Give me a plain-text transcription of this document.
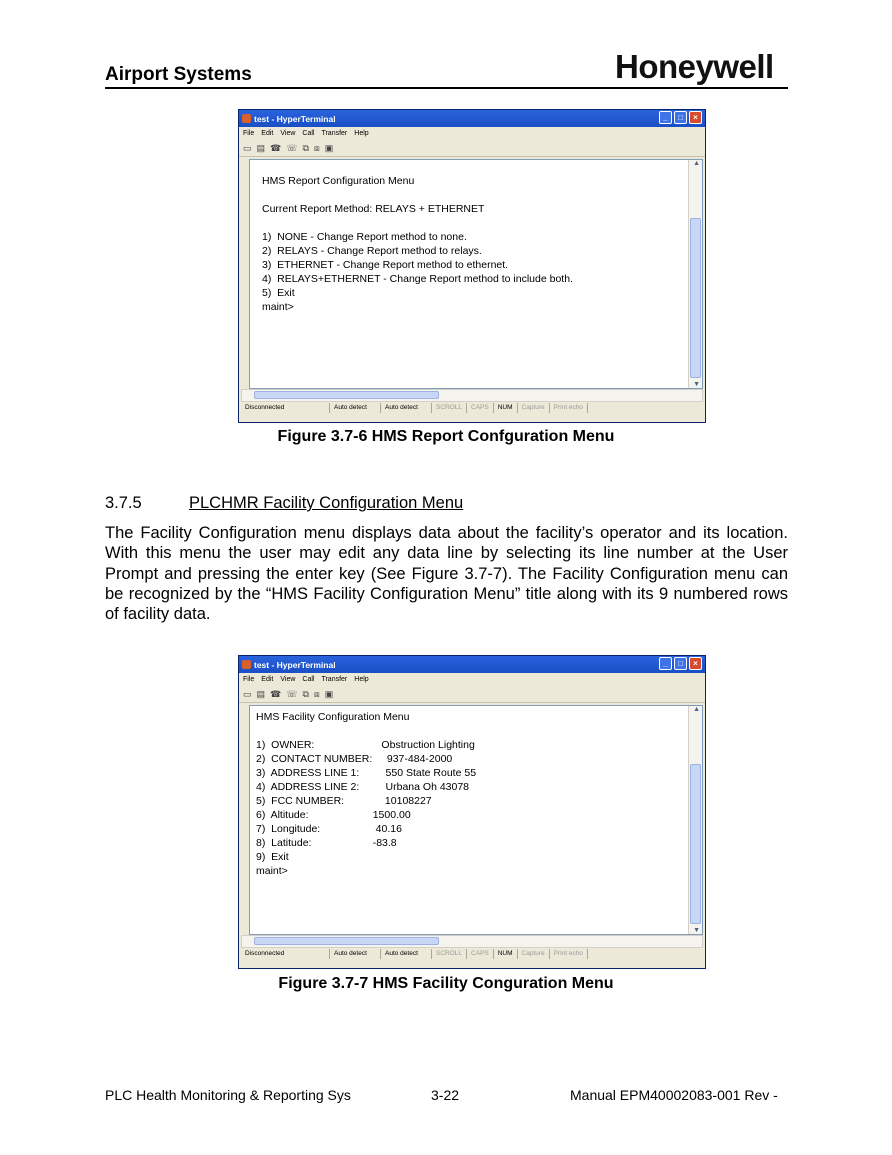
Airport Systems	Honeywell
test - HyperTerminal	_	□	×
File Edit View Call Transfer Help
▭ ▤ ☎ ☏ ⧉ ⧈ ▣
HMS Report Configuration Menu

Current Report Method: RELAYS + ETHERNET

1)  NONE - Change Report method to none.
2)  RELAYS - Change Report method to relays.
3)  ETHERNET - Change Report method to ethernet.
4)  RELAYS+ETHERNET - Change Report method to include both.
5)  Exit
maint>
▲
▼
Disconnected	Auto detect	Auto detect	SCROLL	CAPS	NUM	Capture	Print echo
Figure 3.7-6 HMS Report Confguration Menu
3.7.5	PLCHMR Facility Configuration Menu
The Facility Configuration menu displays data about the facility’s operator and its location. With this menu the user may edit any data line by selecting its line number at the User Prompt and pressing the enter key (See Figure 3.7-7). The Facility Configuration menu can be recognized by the “HMS Facility Configuration Menu” title along with its 9 numbered rows of facility data.
test - HyperTerminal	_	□	×
File Edit View Call Transfer Help
▭ ▤ ☎ ☏ ⧉ ⧈ ▣
HMS Facility Configuration Menu

1)  OWNER:                       Obstruction Lighting
2)  CONTACT NUMBER:     937-484-2000
3)  ADDRESS LINE 1:         550 State Route 55
4)  ADDRESS LINE 2:         Urbana Oh 43078
5)  FCC NUMBER:              10108227
6)  Altitude:                      1500.00
7)  Longitude:                   40.16
8)  Latitude:                     -83.8
9)  Exit
maint>
▲
▼
Disconnected	Auto detect	Auto detect	SCROLL	CAPS	NUM	Capture	Print echo
Figure 3.7-7 HMS Facility Conguration Menu
PLC Health Monitoring & Reporting Sys	3-22	Manual EPM40002083-001 Rev -
